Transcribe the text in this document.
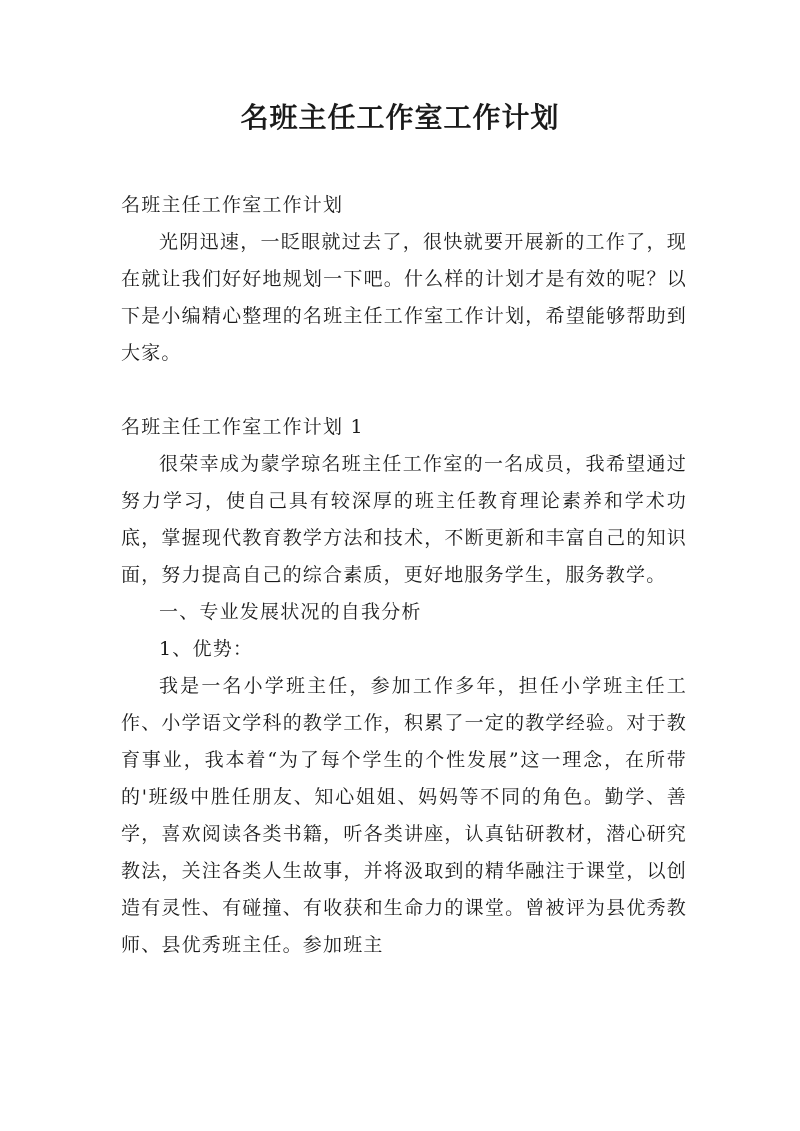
名班主任工作室工作计划

名班主任工作室工作计划

光阴迅速，一眨眼就过去了，很快就要开展新的工作了，现在就让我们好好地规划一下吧。什么样的计划才是有效的呢？以下是小编精心整理的名班主任工作室工作计划，希望能够帮助到大家。

名班主任工作室工作计划 1

很荣幸成为蒙学琼名班主任工作室的一名成员，我希望通过努力学习，使自己具有较深厚的班主任教育理论素养和学术功底，掌握现代教育教学方法和技术，不断更新和丰富自己的知识面，努力提高自己的综合素质，更好地服务学生，服务教学。

一、专业发展状况的自我分析

1、优势：

我是一名小学班主任，参加工作多年，担任小学班主任工作、小学语文学科的教学工作，积累了一定的教学经验。对于教育事业，我本着“为了每个学生的个性发展”这一理念，在所带的'班级中胜任朋友、知心姐姐、妈妈等不同的角色。勤学、善学，喜欢阅读各类书籍，听各类讲座，认真钻研教材，潜心研究教法，关注各类人生故事，并将汲取到的精华融注于课堂，以创造有灵性、有碰撞、有收获和生命力的课堂。曾被评为县优秀教师、县优秀班主任。参加班主
